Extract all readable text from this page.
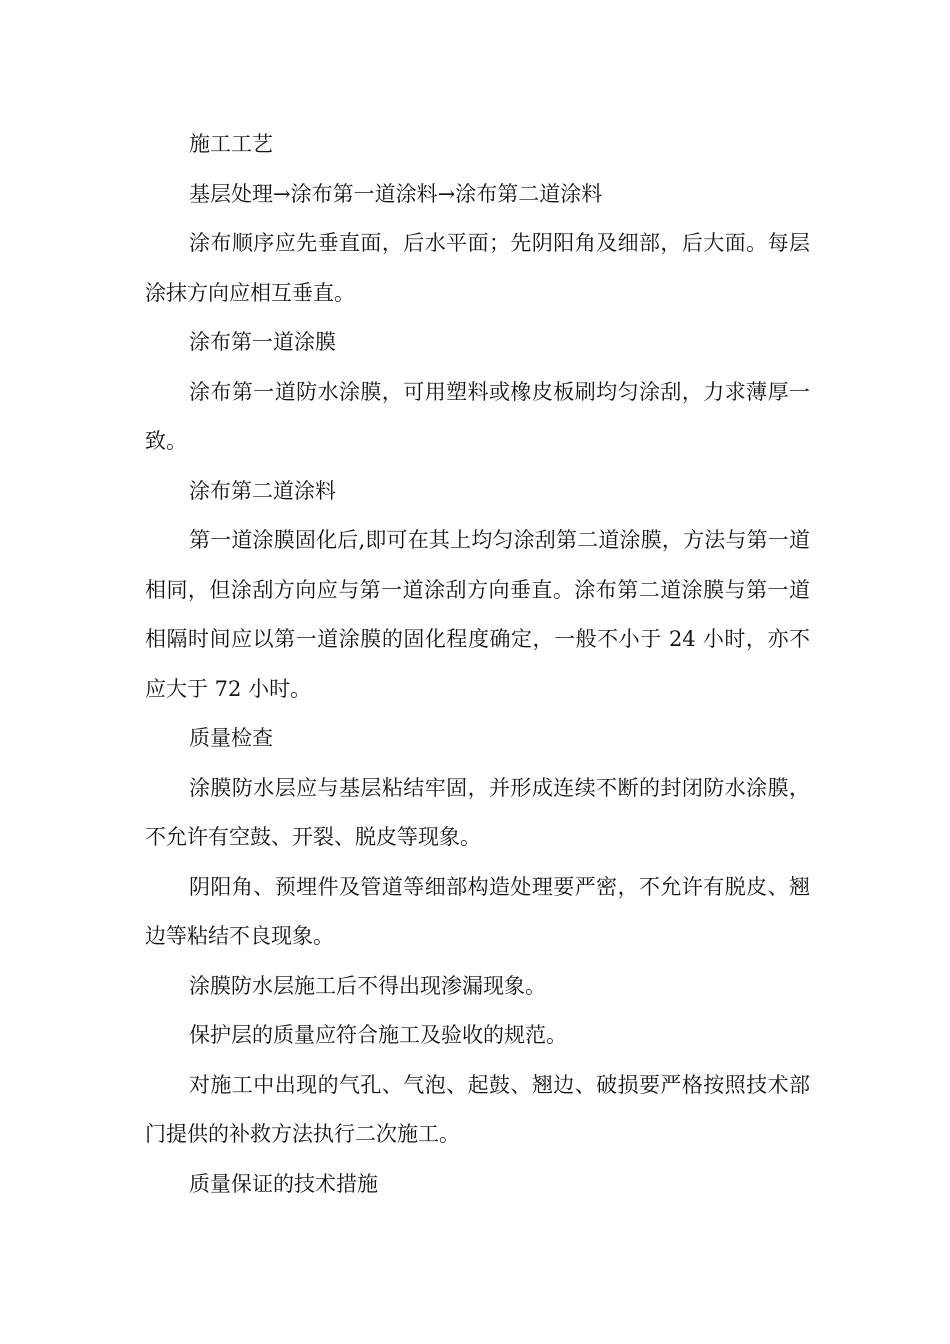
施工工艺

基层处理→涂布第一道涂料→涂布第二道涂料

涂布顺序应先垂直面，后水平面；先阴阳角及细部，后大面。每层涂抹方向应相互垂直。

涂布第一道涂膜

涂布第一道防水涂膜，可用塑料或橡皮板刷均匀涂刮，力求薄厚一致。

涂布第二道涂料

第一道涂膜固化后,即可在其上均匀涂刮第二道涂膜，方法与第一道相同，但涂刮方向应与第一道涂刮方向垂直。涂布第二道涂膜与第一道相隔时间应以第一道涂膜的固化程度确定，一般不小于 24 小时，亦不应大于 72 小时。

质量检查

涂膜防水层应与基层粘结牢固，并形成连续不断的封闭防水涂膜，不允许有空鼓、开裂、脱皮等现象。

阴阳角、预埋件及管道等细部构造处理要严密，不允许有脱皮、翘边等粘结不良现象。

涂膜防水层施工后不得出现渗漏现象。

保护层的质量应符合施工及验收的规范。

对施工中出现的气孔、气泡、起鼓、翘边、破损要严格按照技术部门提供的补救方法执行二次施工。

质量保证的技术措施
